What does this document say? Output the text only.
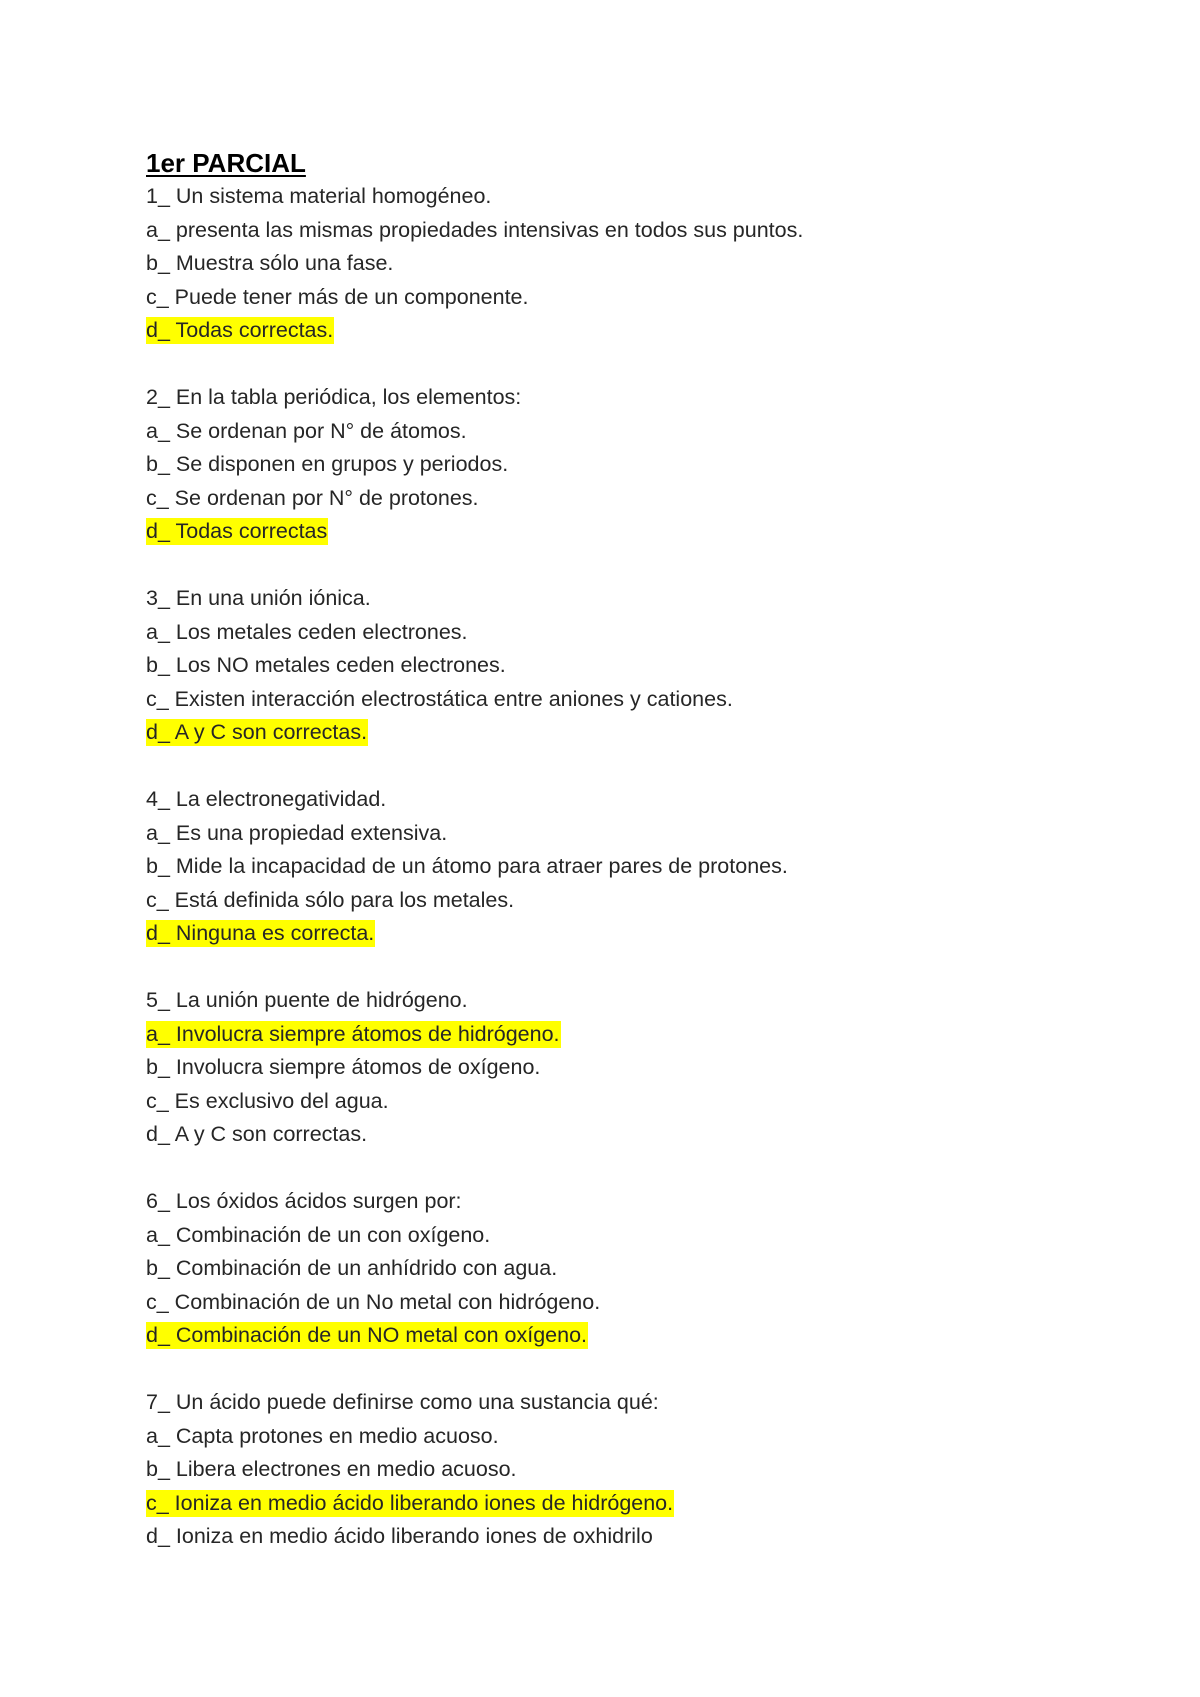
1er PARCIAL
1_ Un sistema material homogéneo.
a_ presenta las mismas propiedades intensivas en todos sus puntos.
b_ Muestra sólo una fase.
c_ Puede tener más de un componente.
d_ Todas correctas.
2_ En la tabla periódica, los elementos:
a_ Se ordenan por N° de átomos.
b_ Se disponen en grupos y periodos.
c_ Se ordenan por N° de protones.
d_ Todas correctas
3_ En una unión iónica.
a_ Los metales ceden electrones.
b_ Los NO metales ceden electrones.
c_ Existen interacción electrostática entre aniones y cationes.
d_ A y C son correctas.
4_ La electronegatividad.
a_ Es una propiedad extensiva.
b_ Mide la incapacidad de un átomo para atraer pares de protones.
c_ Está definida sólo para los metales.
d_ Ninguna es correcta.
5_ La unión puente de hidrógeno.
a_ Involucra siempre átomos de hidrógeno.
b_ Involucra siempre átomos de oxígeno.
c_ Es exclusivo del agua.
d_ A y C son correctas.
6_ Los óxidos ácidos surgen por:
a_ Combinación de un con oxígeno.
b_ Combinación de un anhídrido con agua.
c_ Combinación de un No metal con hidrógeno.
d_ Combinación de un NO metal con oxígeno.
7_ Un ácido puede definirse como una sustancia qué:
a_ Capta protones en medio acuoso.
b_ Libera electrones en medio acuoso.
c_ Ioniza en medio ácido liberando iones de hidrógeno.
d_ Ioniza en medio ácido liberando iones de oxhidrilo
